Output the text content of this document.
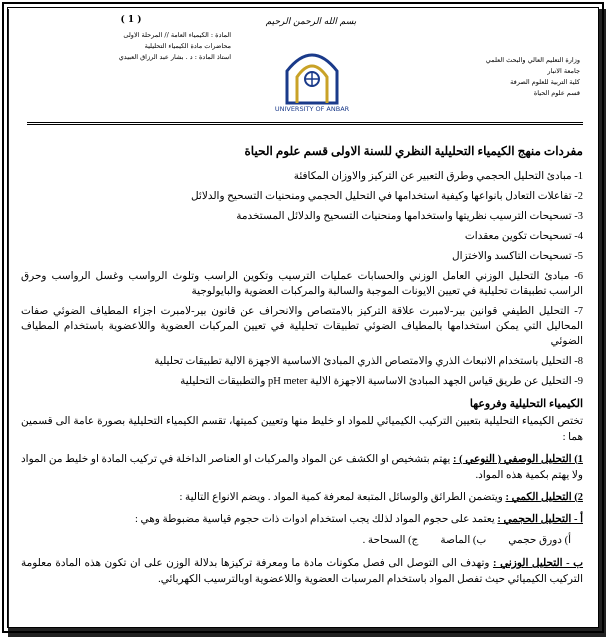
وزارة التعليم العالي والبحث العلمي
جامعة الانبار
كلية التربية للعلوم الصرفة
قسم علوم الحياة
بسم الله الرحمن الرحيم
UNIVERSITY OF ANBAR
( 1 )
المادة : الكيمياء العامة // المرحلة الاولى
محاضرات مادة الكيمياء التحليلية
استاذ المادة : د . بشار عبد الرزاق العبيدي
مفردات منهج الكيمياء التحليلية النظري للسنة الاولى قسم علوم الحياة
1- مبادئ التحليل الحجمي وطرق التعبير عن التركيز والاوزان المكافئة
2- تفاعلات التعادل بانواعها وكيفية استخدامها في التحليل الحجمي ومنحنيات التسحيح والدلائل
3- تسحيحات الترسيب نظريتها واستخدامها ومنحنيات التسحيح والدلائل المستخدمة
4- تسحيحات تكوين معقدات
5- تسحيحات التاكسد والاختزال
6- مبادئ التحليل الوزني العامل الوزني والحسابات عمليات الترسيب وتكوين الراسب وتلوث الرواسب وغسل الرواسب وحرق الراسب تطبيقات تحليلية في تعيين الايونات الموجبة والسالبة والمركبات العضوية والبايولوجية
7- التحليل الطيفي قوانين بير-لامبرت علاقة التركيز بالامتصاص والانحراف عن قانون بير-لامبرت اجزاء المطياف الضوئي صفات المحاليل التي يمكن استخدامها بالمطياف الضوئي تطبيقات تحليلية في تعيين المركبات العضوية واللاعضوية باستخدام المطياف الضوئي
8- التحليل باستخدام الانبعاث الذري والامتصاص الذري المبادئ الاساسية الاجهزة الالية تطبيقات تحليلية
9- التحليل عن طريق قياس الجهد المبادئ الاساسية الاجهزة الالية pH meter والتطبيقات التحليلية
الكيمياء التحليلية وفروعها

تختص الكيمياء التحليلية بتعيين التركيب الكيميائي للمواد او خليط منها وتعيين كميتها، تقسم الكيمياء التحليلية بصورة عامة الى قسمين هما :

1) التحليل الوصفي ( النوعي ) : يهتم بتشخيص او الكشف عن المواد والمركبات او العناصر الداخلة في تركيب المادة او خليط من المواد ولا يهتم بكمية هذه المواد.

2) التحليل الكمي : ويتضمن الطرائق والوسائل المتبعة لمعرفة كمية المواد . ويضم الانواع التالية :

أ - التحليل الحجمي : يعتمد على حجوم المواد لذلك يجب استخدام ادوات ذات حجوم قياسية مضبوطة وهي :

أ) دورق حجمي
ب) الماصة
ج) السحاحة .

ب - التحليل الوزني : وتهدف الى التوصل الى فصل مكونات مادة ما ومعرفة تركيزها بدلالة الوزن على ان تكون هذه المادة معلومة التركيب الكيميائي حيث تفصل المواد باستخدام المرسبات العضوية واللاعضوية اوبالترسيب الكهربائي.
